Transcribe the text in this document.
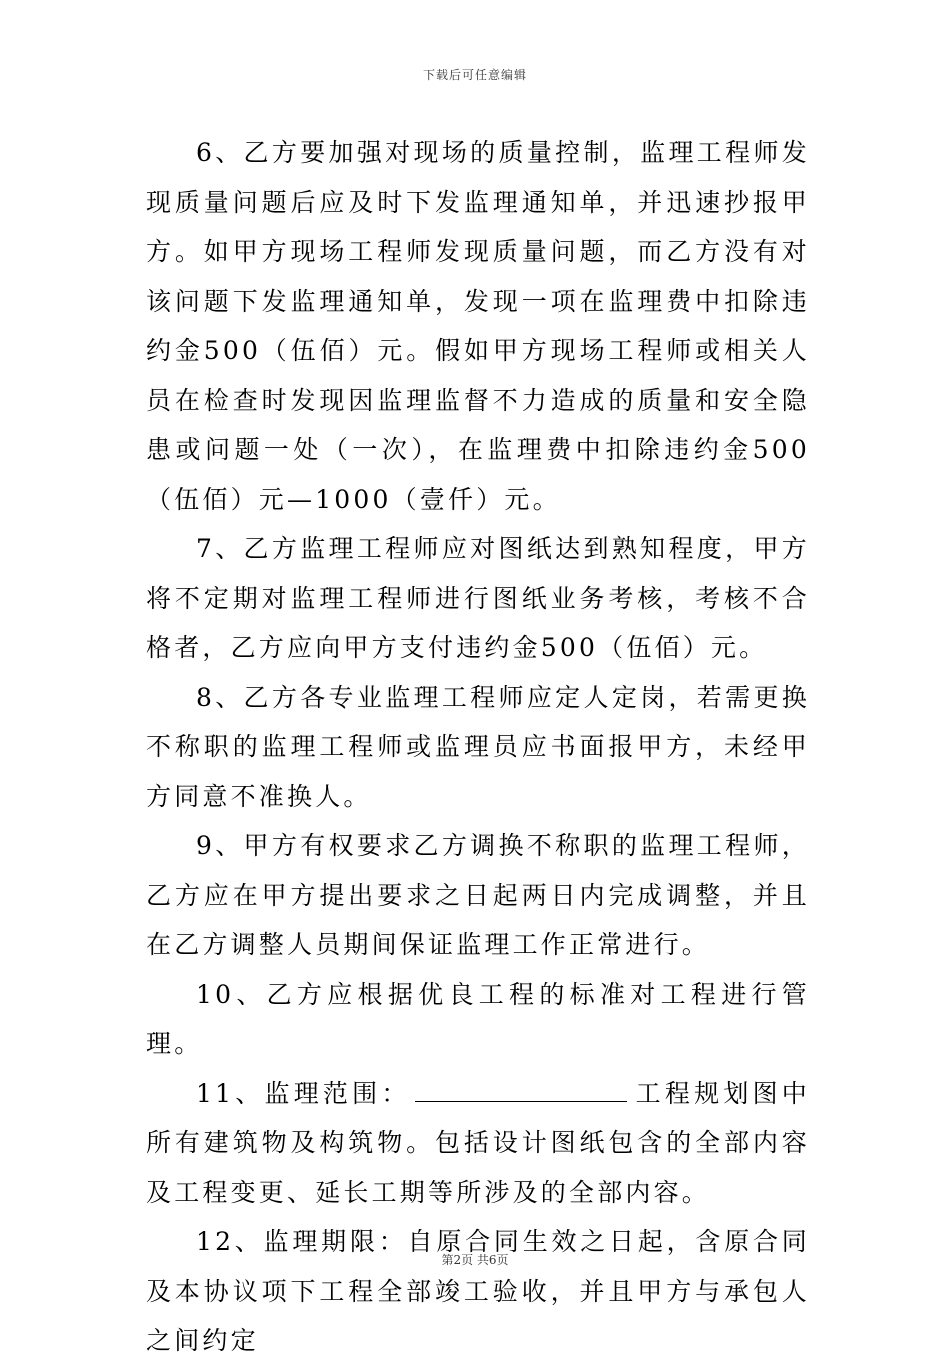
下载后可任意编辑

6、乙方要加强对现场的质量控制，监理工程师发现质量问题后应及时下发监理通知单，并迅速抄报甲方。如甲方现场工程师发现质量问题，而乙方没有对该问题下发监理通知单，发现一项在监理费中扣除违约金500（伍佰）元。假如甲方现场工程师或相关人员在检查时发现因监理监督不力造成的质量和安全隐患或问题一处（一次），在监理费中扣除违约金500（伍佰）元—1000（壹仟）元。

7、乙方监理工程师应对图纸达到熟知程度，甲方将不定期对监理工程师进行图纸业务考核，考核不合格者，乙方应向甲方支付违约金500（伍佰）元。

8、乙方各专业监理工程师应定人定岗，若需更换不称职的监理工程师或监理员应书面报甲方，未经甲方同意不准换人。

9、甲方有权要求乙方调换不称职的监理工程师，乙方应在甲方提出要求之日起两日内完成调整，并且在乙方调整人员期间保证监理工作正常进行。

10、乙方应根据优良工程的标准对工程进行管理。

11、监理范围：	工程规划图中所有建筑物及构筑物。包括设计图纸包含的全部内容及工程变更、延长工期等所涉及的全部内容。

12、监理期限：自原合同生效之日起，含原合同及本协议项下工程全部竣工验收，并且甲方与承包人之间约定

第2页 共6页
